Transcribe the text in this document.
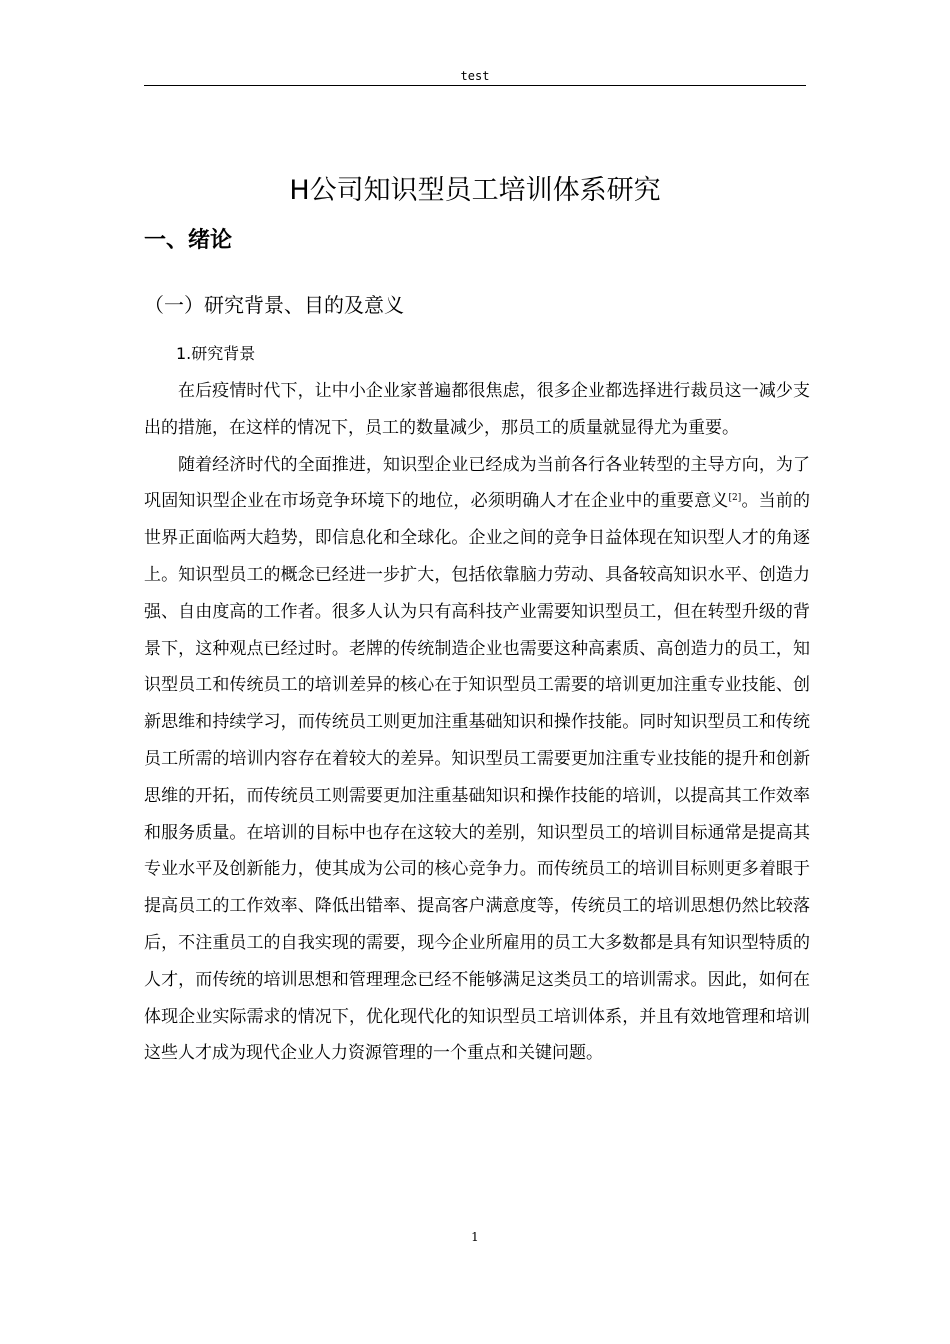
test
H公司知识型员工培训体系研究
一、绪论
（一）研究背景、目的及意义
1.研究背景

在后疫情时代下，让中小企业家普遍都很焦虑，很多企业都选择进行裁员这一减少支出的措施，在这样的情况下，员工的数量减少，那员工的质量就显得尤为重要。

随着经济时代的全面推进，知识型企业已经成为当前各行各业转型的主导方向，为了巩固知识型企业在市场竞争环境下的地位，必须明确人才在企业中的重要意义[2]。当前的世界正面临两大趋势，即信息化和全球化。企业之间的竞争日益体现在知识型人才的角逐上。知识型员工的概念已经进一步扩大，包括依靠脑力劳动、具备较高知识水平、创造力强、自由度高的工作者。很多人认为只有高科技产业需要知识型员工，但在转型升级的背景下，这种观点已经过时。老牌的传统制造企业也需要这种高素质、高创造力的员工，知识型员工和传统员工的培训差异的核心在于知识型员工需要的培训更加注重专业技能、创新思维和持续学习，而传统员工则更加注重基础知识和操作技能。同时知识型员工和传统员工所需的培训内容存在着较大的差异。知识型员工需要更加注重专业技能的提升和创新思维的开拓，而传统员工则需要更加注重基础知识和操作技能的培训，以提高其工作效率和服务质量。在培训的目标中也存在这较大的差别，知识型员工的培训目标通常是提高其专业水平及创新能力，使其成为公司的核心竞争力。而传统员工的培训目标则更多着眼于提高员工的工作效率、降低出错率、提高客户满意度等，传统员工的培训思想仍然比较落后，不注重员工的自我实现的需要，现今企业所雇用的员工大多数都是具有知识型特质的人才，而传统的培训思想和管理理念已经不能够满足这类员工的培训需求。因此，如何在体现企业实际需求的情况下，优化现代化的知识型员工培训体系，并且有效地管理和培训这些人才成为现代企业人力资源管理的一个重点和关键问题。

1
